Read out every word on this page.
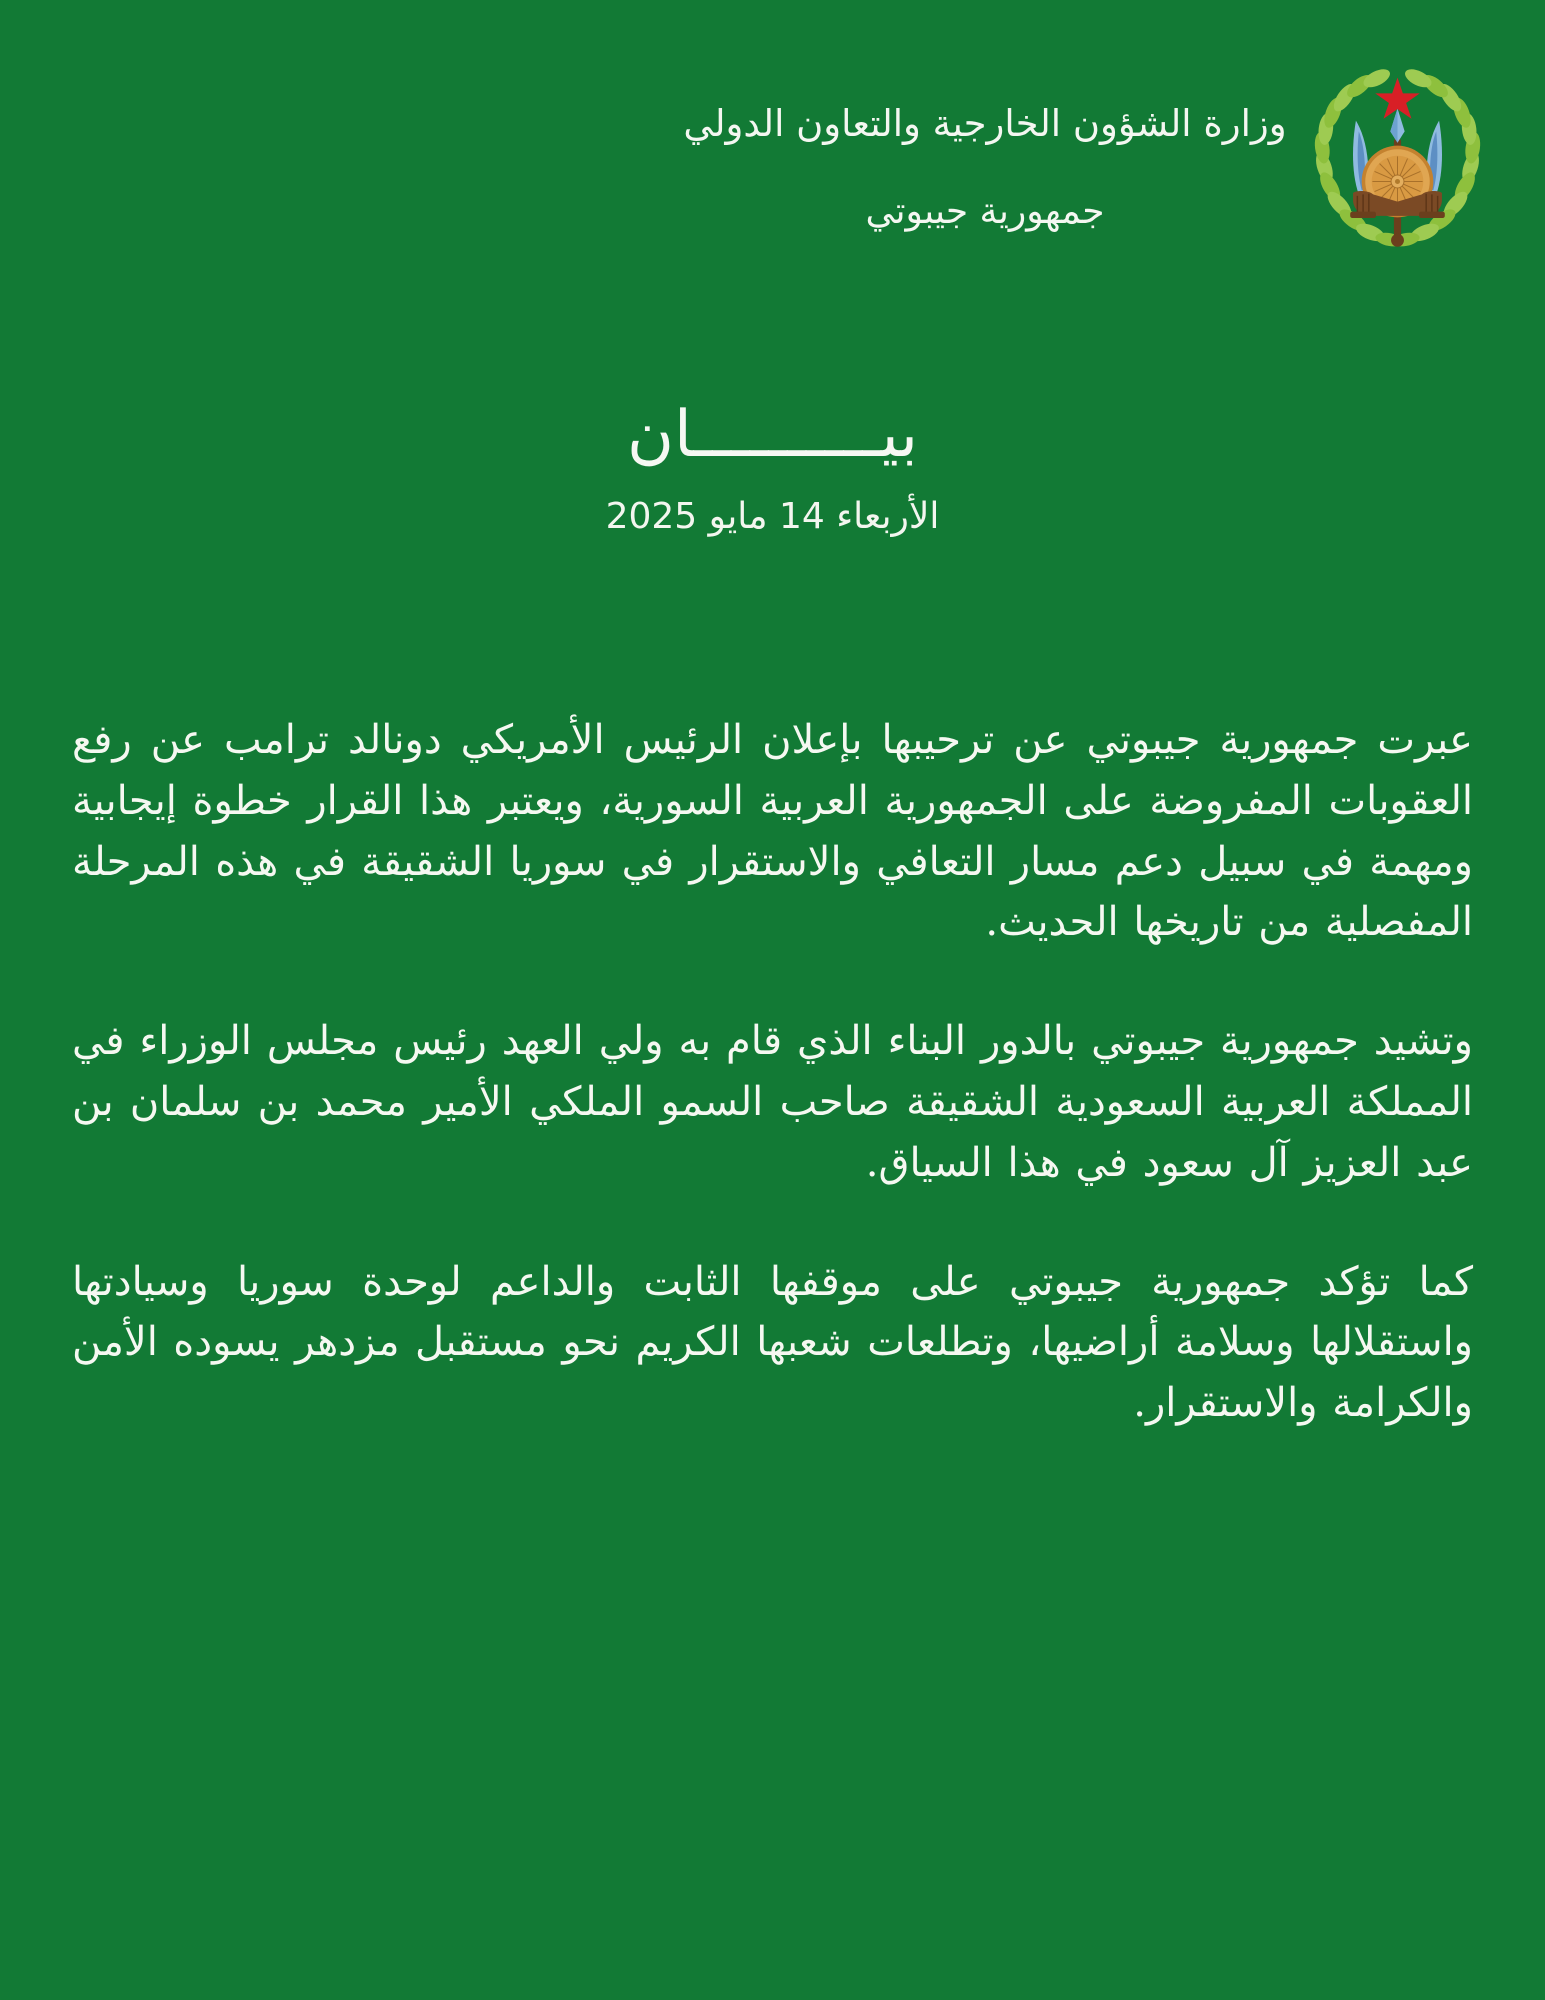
وزارة الشؤون الخارجية والتعاون الدولي
جمهورية جيبوتي
بيــــــــــان
الأربعاء 14 مايو 2025

عبرت جمهورية جيبوتي عن ترحيبها بإعلان الرئيس الأمريكي دونالد ترامب عن رفع العقوبات المفروضة على الجمهورية العربية السورية، ويعتبر هذا القرار خطوة إيجابية ومهمة في سبيل دعم مسار التعافي والاستقرار في سوريا الشقيقة في هذه المرحلة المفصلية من تاريخها الحديث.

وتشيد جمهورية جيبوتي بالدور البناء الذي قام به ولي العهد رئيس مجلس الوزراء في المملكة العربية السعودية الشقيقة صاحب السمو الملكي الأمير محمد بن سلمان بن عبد العزيز آل سعود في هذا السياق.

كما تؤكد جمهورية جيبوتي على موقفها الثابت والداعم لوحدة سوريا وسيادتها واستقلالها وسلامة أراضيها، وتطلعات شعبها الكريم نحو مستقبل مزدهر يسوده الأمن والكرامة والاستقرار.
